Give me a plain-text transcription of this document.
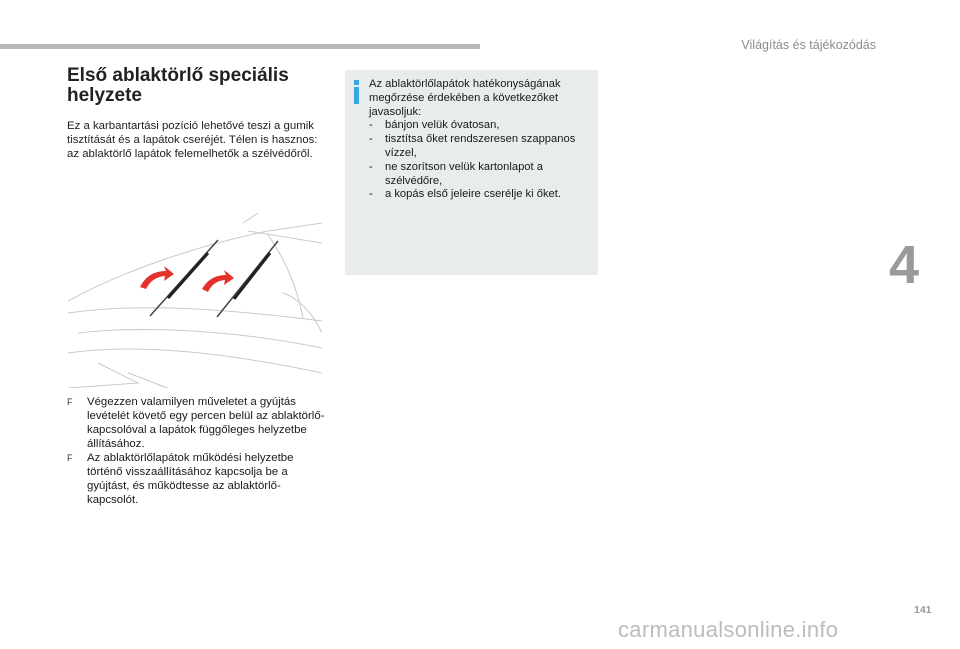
Világítás és tájékozódás
Első ablaktörlő speciális helyzete

Ez a karbantartási pozíció lehetővé teszi a gumik tisztítását és a lapátok cseréjét. Télen is hasznos: az ablaktörlő lapátok felemelhetők a szélvédőről.

F Végezzen valamilyen műveletet a gyújtás levételét követő egy percen belül az ablaktörlő-kapcsolóval a lapátok függőleges helyzetbe állításához.
F Az ablaktörlőlapátok működési helyzetbe történő visszaállításához kapcsolja be a gyújtást, és működtesse az ablaktörlő-kapcsolót.
Az ablaktörlőlapátok hatékonyságának megőrzése érdekében a következőket javasoljuk:
- bánjon velük óvatosan,
- tisztítsa őket rendszeresen szappanos vízzel,
- ne szorítson velük kartonlapot a szélvédőre,
- a kopás első jeleire cserélje ki őket.
4
141
carmanualsonline.info
